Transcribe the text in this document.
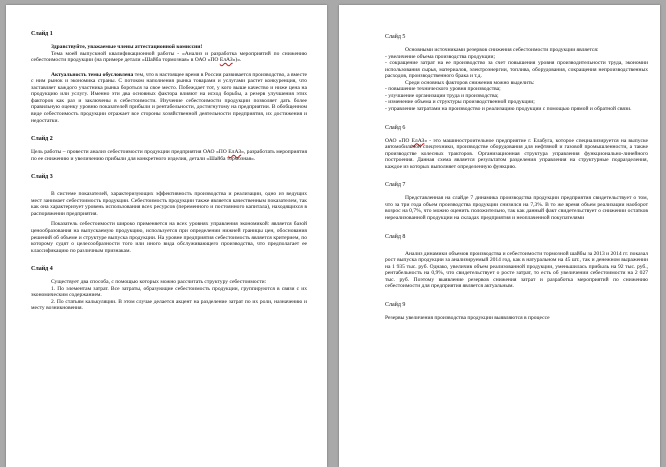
Слайд 1

Здравствуйте, уважаемые члены аттестационной комиссии!

Тема моей выпускной квалификационной работы - «Анализ и разработка мероприятий по снижению себестоимости продукции (на примере детали «Шайба тормозная» в ОАО «ПО ЕлАЗ»)».

Актуальность темы обусловлена тем, что в настоящее время в России развивается производство, а вместе с ним рынок и экономика страны. С потоком наполнения рынка товарами и услугами растет конкуренция, что заставляет каждого участника рынка бороться за свое место. Побеждает тот, у кого выше качество и ниже цена на продукцию или услугу. Именно эти два основных фактора влияют на исход борьбы, а резерв улучшения этих факторов как раз и заключены в себестоимости. Изучение себестоимости продукции позволяет дать более правильную оценку уровню показателей прибыли и рентабельности, достигнутому на предприятии. В обобщенном виде себестоимость продукции отражает все стороны хозяйственной деятельности предприятия, их достижения и недостатки.

Слайд 2

Цель работы – провести анализ себестоимости продукции предприятия ОАО «ПО ЕлАЗ», разработать мероприятия по ее снижению и увеличению прибыли для конкретного изделия, детали «Шайба тормозная».

Слайд 3

В системе показателей, характеризующих эффективность производства и реализации, одно из ведущих мест занимает себестоимость продукции. Себестоимость продукции также является качественным показателем, так как она характеризует уровень использования всех ресурсов (переменного и постоянного капитала), находящихся в распоряжении предприятия.

Показатель себестоимости широко применяется на всех уровнях управления экономикой: является базой ценообразования на выпускаемую продукцию, используется при определении нижней границы цен, обоснования решений об объеме и структуре выпуска продукции. На уровне предприятия себестоимость является критерием, по которому судят о целесообразности того или иного вида обслуживающего производства, что предполагает ее классификацию по различным признакам.

Слайд 4

Существует два способа, с помощью которых можно рассчитать структуру себестоимости:

1. По элементам затрат. Все затраты, образующие себестоимость продукции, группируются в связи с их экономическим содержанием.

2. По статьям калькуляции. В этом случае делается акцент на разделение затрат по их роли, назначению и месту возникновения.

Слайд 5

Основными источниками резервов снижения себестоимости продукции является:

- увеличение объема производства продукции;

- сокращение затрат на ее производство за счет повышения уровня производительности труда, экономии использования сырья, материалов, электроэнергии, топлива, оборудования, сокращения непроизводственных расходов, производственного брака и т.д.

Среди основных факторов снижения можно выделить:

- повышение технического уровня производства;

- улучшение организации труда и производства;

- изменение объема и структуры производственной продукции;

- управление затратами на производство и реализацию продукции с помощью прямой и обратной связи.

Слайд 6

ОАО «ПО ЕлАЗ» - это машиностроительное предприятие г. Елабуга, которое специализируется на выпуске автомобильной спецтехники, производстве оборудования для нефтяной и газовой промышленности, а также производстве колесных тракторов. Организационная структура управления функционально-линейного построения. Данная схема является результатом разделения управления на структурные подразделения, каждое из которых выполняет определенную функцию.

Слайд 7

Представленная на слайде 7 динамика производства продукции предприятия свидетельствует о том, что за три года объем производства продукции снизился на 7,3%. В то же время объем реализации наоборот возрос на 0,7%, что можно оценить положительно, так как данный факт свидетельствует о снижении остатков нереализованной продукции на складах предприятия и неоплаченной покупателями

Слайд 8

Анализ динамики объемов производства и себестоимости тормозной шайбы за 2013 и 2014 гг. показал рост выпуска продукции за анализируемый 2014 год, как в натуральном на 45 шт., так и денежном выражении на 1 935 тыс. руб. Однако, увеличив объем реализованной продукции, уменьшилась прибыль на 92 тыс. руб., рентабельность на 0,9%, что свидетельствует о росте затрат, то есть об увеличении себестоимости на 2 027 тыс. руб. Поэтому выявление резервов снижения затрат и разработка мероприятий по снижению себестоимости для предприятия является актуальным.

Слайд 9

Резервы увеличения производства продукции выявляются в процессе
